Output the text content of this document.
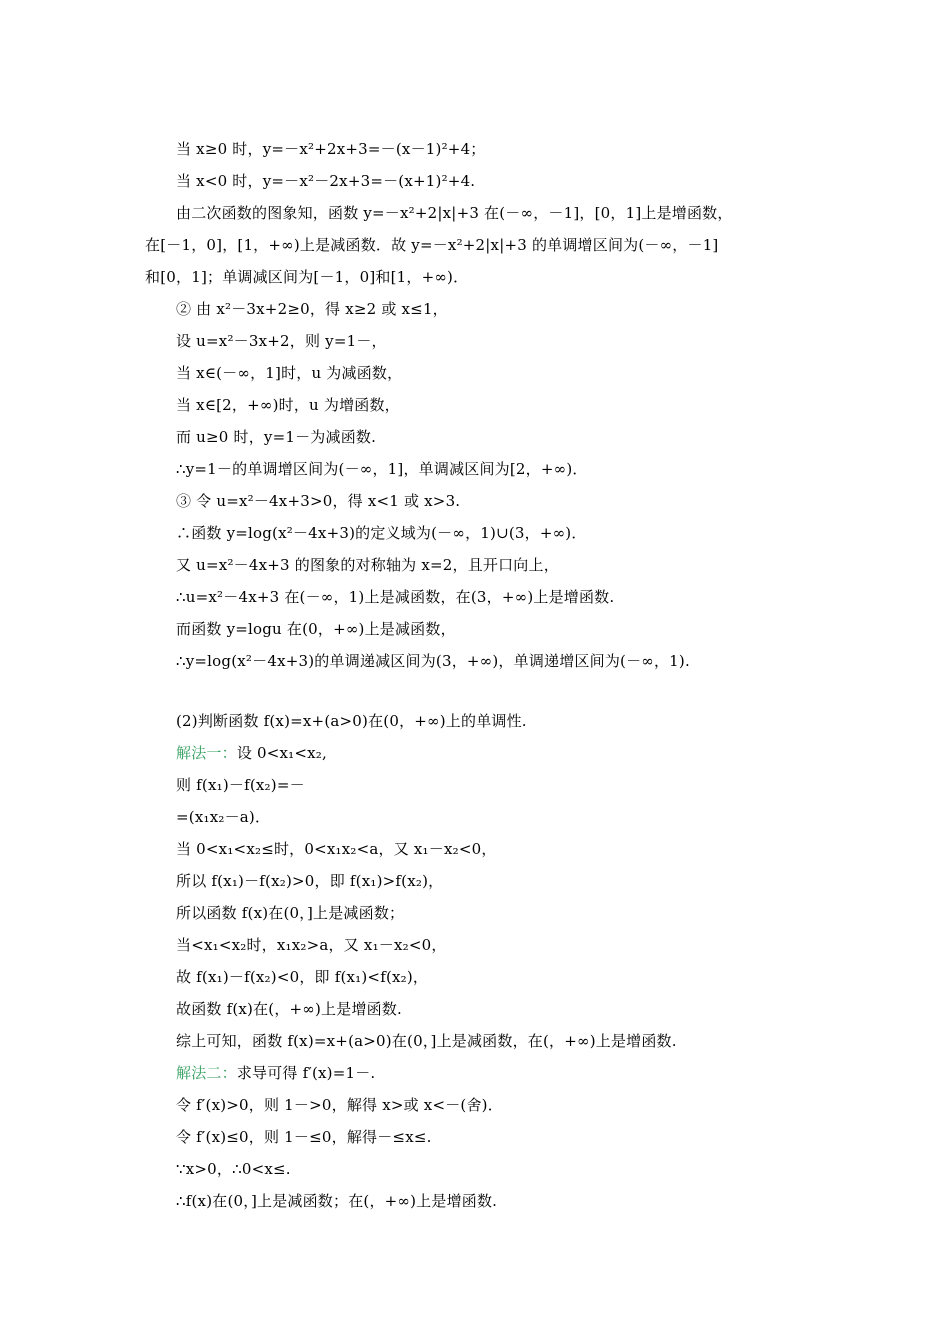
当 x≥0 时，y=－x²+2x+3=－(x－1)²+4；
当 x<0 时，y=－x²－2x+3=－(x+1)²+4.
由二次函数的图象知，函数 y=－x²+2|x|+3 在(－∞，－1]，[0，1]上是增函数，
在[－1，0]，[1，+∞)上是减函数．故 y=－x²+2|x|+3 的单调增区间为(－∞，－1]
和[0，1]；单调减区间为[－1，0]和[1，+∞)．
② 由 x²－3x+2≥0，得 x≥2 或 x≤1，
设 u=x²－3x+2，则 y=1－，
当 x∈(－∞，1]时，u 为减函数，
当 x∈[2，+∞)时，u 为增函数，
而 u≥0 时，y=1－为减函数.
∴y=1－的单调增区间为(－∞，1]，单调减区间为[2，+∞)．
③ 令 u=x²－4x+3>0，得 x<1 或 x>3.
∴函数 y=log(x²－4x+3)的定义域为(－∞，1)∪(3，+∞)．
又 u=x²－4x+3 的图象的对称轴为 x=2，且开口向上，
∴u=x²－4x+3 在(－∞，1)上是减函数，在(3，+∞)上是增函数.
而函数 y=logu 在(0，+∞)上是减函数，
∴y=log(x²－4x+3)的单调递减区间为(3，+∞)，单调递增区间为(－∞，1).
(2)判断函数 f(x)=x+(a>0)在(0，+∞)上的单调性.
解法一：设 0<x₁<x₂,
则 f(x₁)－f(x₂)=－
=(x₁x₂－a)．
当 0<x₁<x₂≤时，0<x₁x₂<a，又 x₁－x₂<0，
所以 f(x₁)－f(x₂)>0，即 f(x₁)>f(x₂)，
所以函数 f(x)在(0，]上是减函数；
当<x₁<x₂时，x₁x₂>a，又 x₁－x₂<0，
故 f(x₁)－f(x₂)<0，即 f(x₁)<f(x₂)，
故函数 f(x)在(，+∞)上是增函数.
综上可知，函数 f(x)=x+(a>0)在(0，]上是减函数，在(，+∞)上是增函数.
解法二：求导可得 f′(x)=1－.
令 f′(x)>0，则 1－>0，解得 x>或 x<－(舍)．
令 f′(x)≤0，则 1－≤0，解得－≤x≤.
∵x>0，∴0<x≤.
∴f(x)在(0，]上是减函数；在(，+∞)上是增函数.
